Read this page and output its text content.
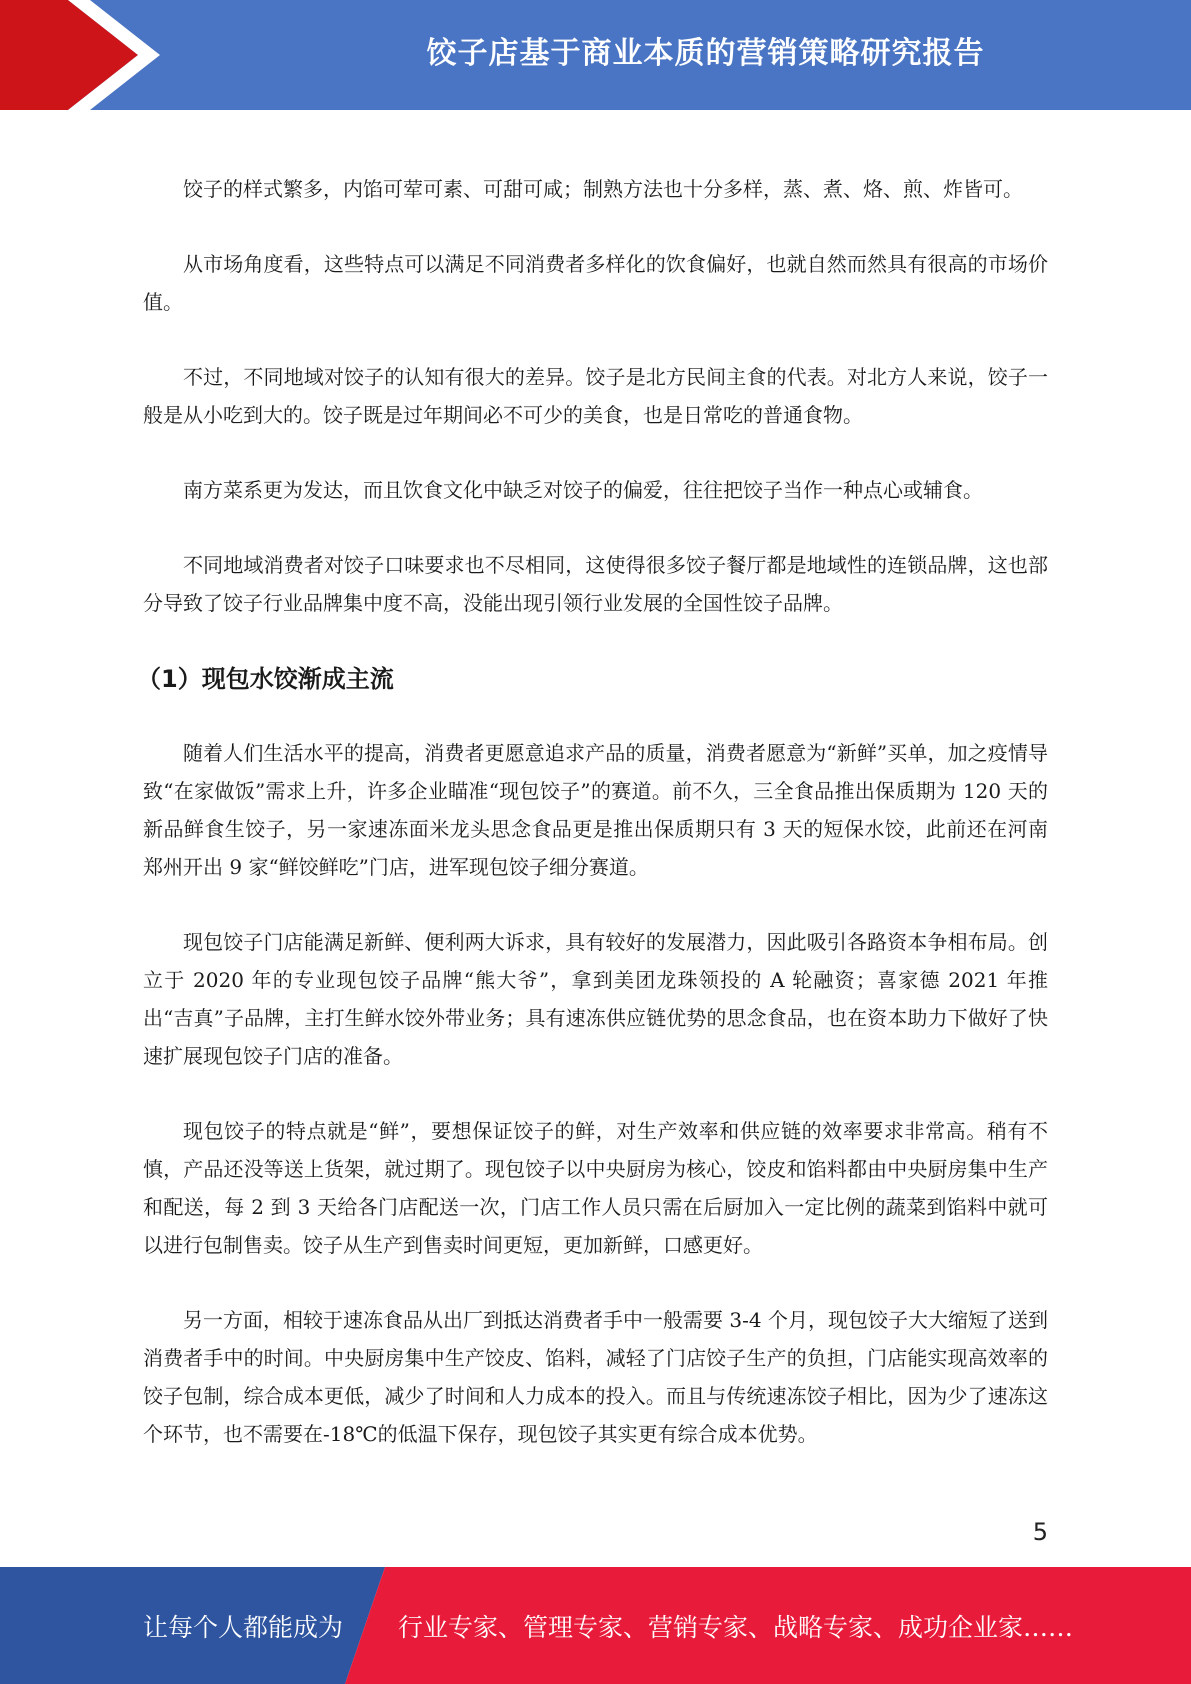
饺子店基于商业本质的营销策略研究报告

饺子的样式繁多，内馅可荤可素、可甜可咸；制熟方法也十分多样，蒸、煮、烙、煎、炸皆可。

从市场角度看，这些特点可以满足不同消费者多样化的饮食偏好，也就自然而然具有很高的市场价值。

不过，不同地域对饺子的认知有很大的差异。饺子是北方民间主食的代表。对北方人来说，饺子一般是从小吃到大的。饺子既是过年期间必不可少的美食，也是日常吃的普通食物。

南方菜系更为发达，而且饮食文化中缺乏对饺子的偏爱，往往把饺子当作一种点心或辅食。

不同地域消费者对饺子口味要求也不尽相同，这使得很多饺子餐厅都是地域性的连锁品牌，这也部分导致了饺子行业品牌集中度不高，没能出现引领行业发展的全国性饺子品牌。

（1）现包水饺渐成主流

随着人们生活水平的提高，消费者更愿意追求产品的质量，消费者愿意为“新鲜”买单，加之疫情导致“在家做饭”需求上升，许多企业瞄准“现包饺子”的赛道。前不久，三全食品推出保质期为 120 天的新品鲜食生饺子，另一家速冻面米龙头思念食品更是推出保质期只有 3 天的短保水饺，此前还在河南郑州开出 9 家“鲜饺鲜吃”门店，进军现包饺子细分赛道。

现包饺子门店能满足新鲜、便利两大诉求，具有较好的发展潜力，因此吸引各路资本争相布局。创立于 2020 年的专业现包饺子品牌“熊大爷”，拿到美团龙珠领投的 A 轮融资；喜家德 2021 年推出“吉真”子品牌，主打生鲜水饺外带业务；具有速冻供应链优势的思念食品，也在资本助力下做好了快速扩展现包饺子门店的准备。

现包饺子的特点就是“鲜”，要想保证饺子的鲜，对生产效率和供应链的效率要求非常高。稍有不慎，产品还没等送上货架，就过期了。现包饺子以中央厨房为核心，饺皮和馅料都由中央厨房集中生产和配送，每 2 到 3 天给各门店配送一次，门店工作人员只需在后厨加入一定比例的蔬菜到馅料中就可以进行包制售卖。饺子从生产到售卖时间更短，更加新鲜，口感更好。

另一方面，相较于速冻食品从出厂到抵达消费者手中一般需要 3-4 个月，现包饺子大大缩短了送到消费者手中的时间。中央厨房集中生产饺皮、馅料，减轻了门店饺子生产的负担，门店能实现高效率的饺子包制，综合成本更低，减少了时间和人力成本的投入。而且与传统速冻饺子相比，因为少了速冻这个环节，也不需要在-18℃的低温下保存，现包饺子其实更有综合成本优势。

5
让每个人都能成为 行业专家、管理专家、营销专家、战略专家、成功企业家……
